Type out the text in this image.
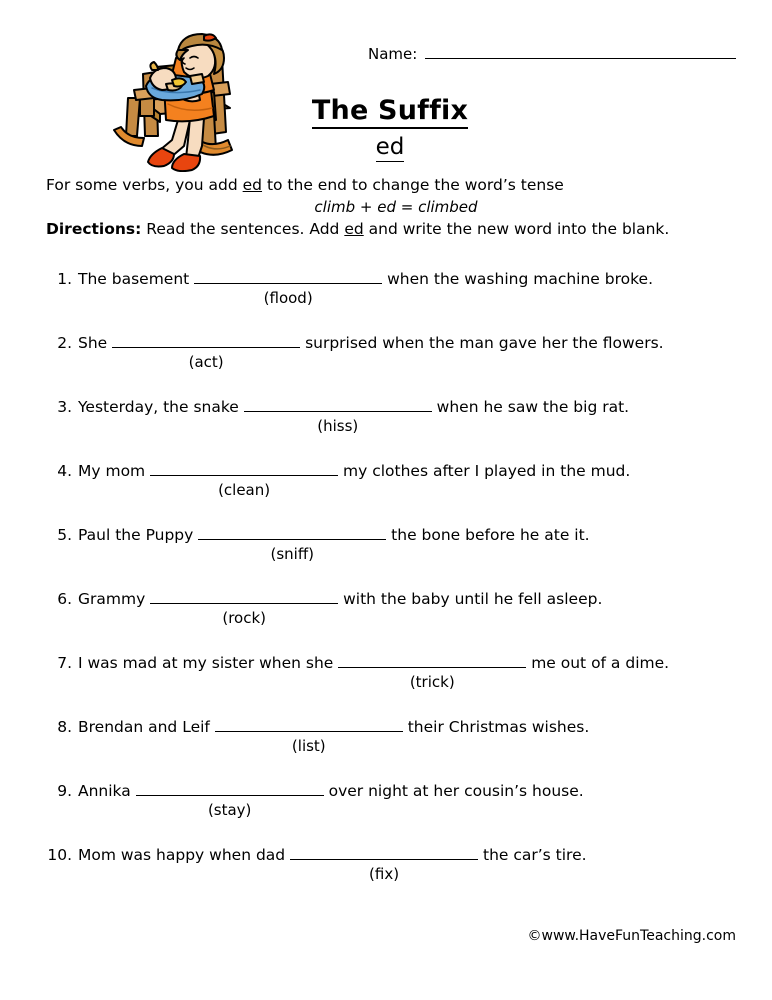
Name:
The Suffix
ed
For some verbs, you add ed to the end to change the word’s tense
climb + ed = climbed
Directions: Read the sentences. Add ed and write the new word into the blank.
1. The basement
(flood)
when the washing machine broke.
2. She
(act)
surprised when the man gave her the flowers.
3. Yesterday, the snake
(hiss)
when he saw the big rat.
4. My mom
(clean)
my clothes after I played in the mud.
5. Paul the Puppy
(sniff)
the bone before he ate it.
6. Grammy
(rock)
with the baby until he fell asleep.
7. I was mad at my sister when she
(trick)
me out of a dime.
8. Brendan and Leif
(list)
their Christmas wishes.
9. Annika
(stay)
over night at her cousin’s house.
10. Mom was happy when dad
(fix)
the car’s tire.
©www.HaveFunTeaching.com
